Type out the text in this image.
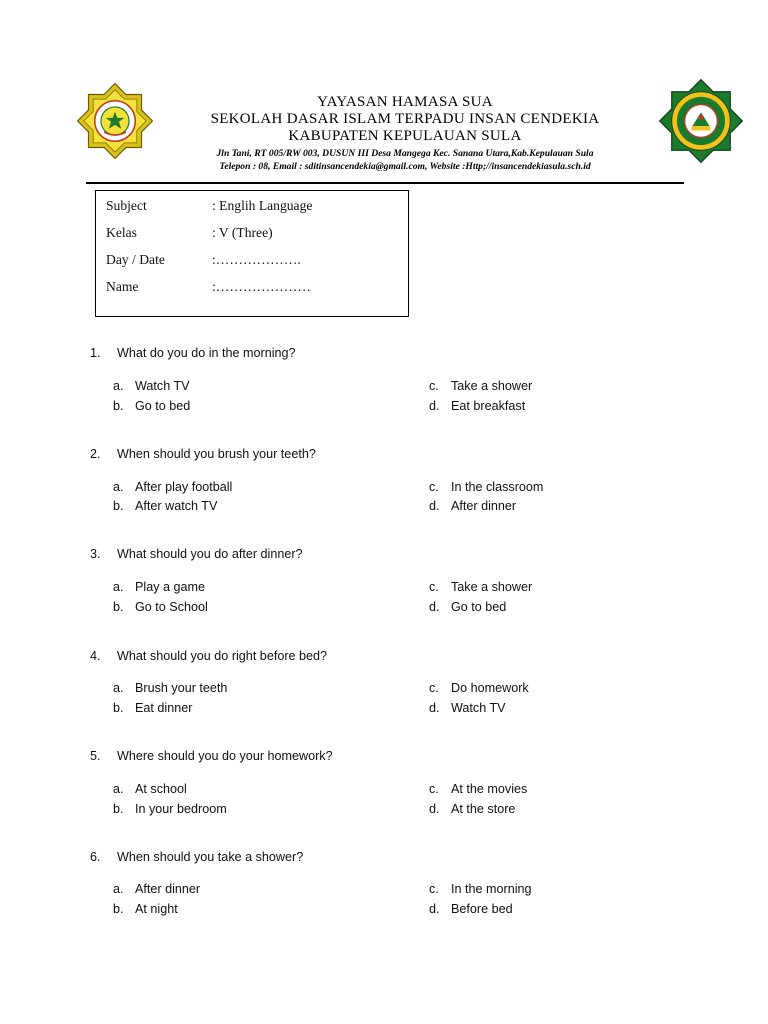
YAYASAN HAMASA SUA
SEKOLAH DASAR ISLAM TERPADU INSAN CENDEKIA
KABUPATEN KEPULAUAN SULA
Jln Tani, RT 005/RW 003, DUSUN III Desa Mangega Kec. Sanana Utara,Kab.Kepulauan Sula
Telepon : 08, Email : sditinsancendekia@gmail.com, Website :Http;//insancendekiasula.sch.id
Subject	: Englih Language
Kelas	: V (Three)
Day / Date	:……………….
Name	:…………………
1. What do you do in the morning?
a. Watch TV
b. Go to bed
c. Take a shower
d. Eat breakfast
2. When should you brush your teeth?
a. After play football
b. After watch TV
c. In the classroom
d. After dinner
3. What should you do after dinner?
a. Play a game
b. Go to School
c. Take a shower
d. Go to bed
4. What should you do right before bed?
a. Brush your teeth
b. Eat dinner
c. Do homework
d. Watch TV
5. Where should you do your homework?
a. At school
b. In your bedroom
c. At the movies
d. At the store
6. When should you take a shower?
a. After dinner
b. At night
c. In the morning
d. Before bed
